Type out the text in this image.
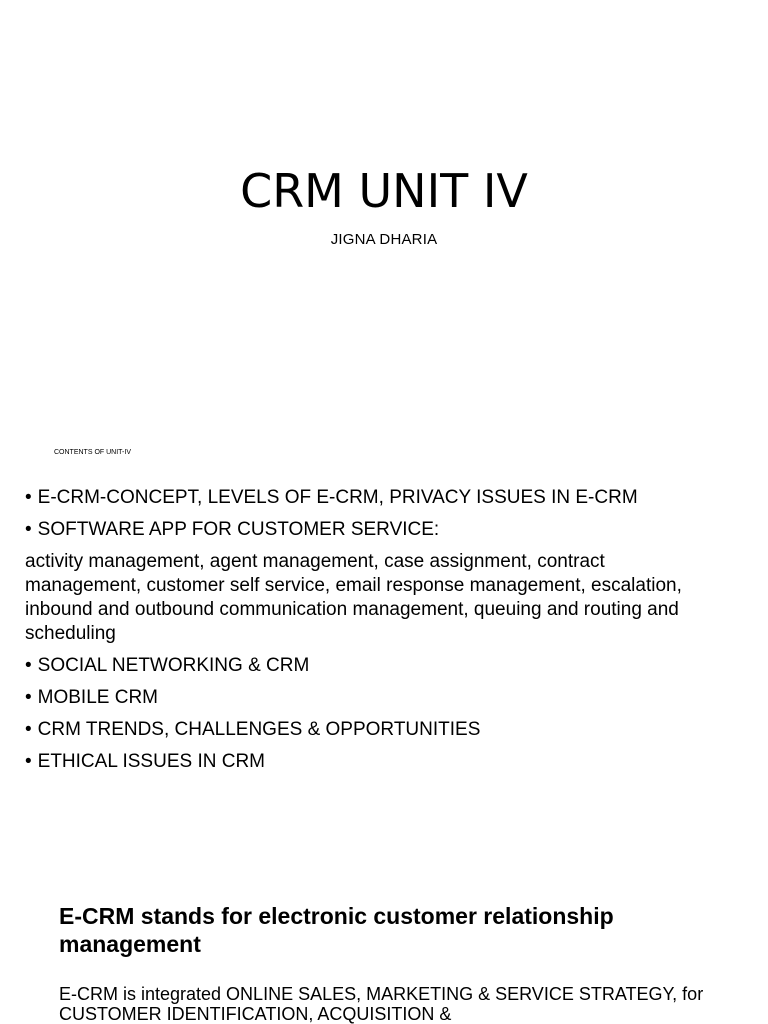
CRM UNIT IV
JIGNA DHARIA
CONTENTS OF UNIT-IV
• E-CRM-CONCEPT, LEVELS OF E-CRM, PRIVACY ISSUES IN E-CRM
• SOFTWARE APP FOR CUSTOMER SERVICE:
activity management, agent management, case assignment, contract management, customer self service, email response management, escalation, inbound and outbound communication management, queuing and routing and scheduling
• SOCIAL NETWORKING & CRM
• MOBILE CRM
• CRM TRENDS, CHALLENGES & OPPORTUNITIES
• ETHICAL ISSUES IN CRM
E-CRM stands for electronic customer relationship management

E-CRM is integrated ONLINE SALES, MARKETING & SERVICE STRATEGY, for CUSTOMER IDENTIFICATION, ACQUISITION &
